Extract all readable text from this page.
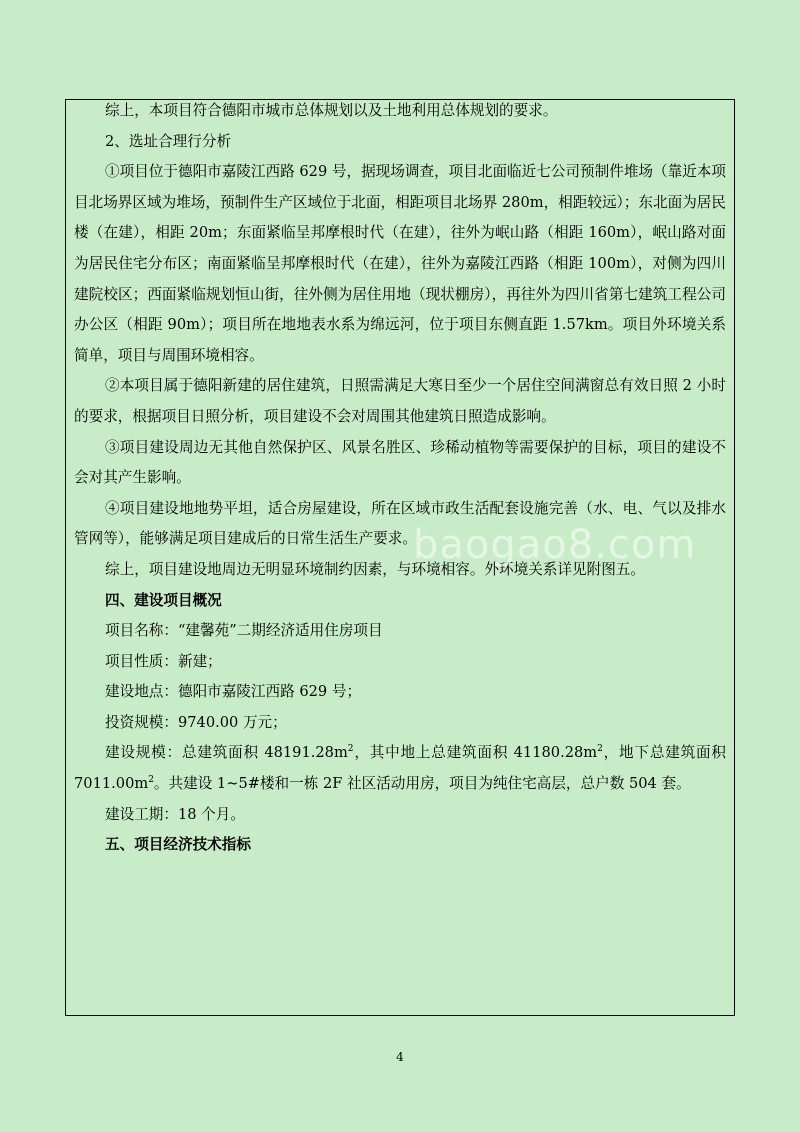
综上，本项目符合德阳市城市总体规划以及土地利用总体规划的要求。

2、选址合理行分析

①项目位于德阳市嘉陵江西路 629 号，据现场调查，项目北面临近七公司预制件堆场（靠近本项目北场界区域为堆场，预制件生产区域位于北面，相距项目北场界 280m，相距较远）；东北面为居民楼（在建），相距 20m；东面紧临呈邦摩根时代（在建），往外为岷山路（相距 160m），岷山路对面为居民住宅分布区；南面紧临呈邦摩根时代（在建），往外为嘉陵江西路（相距 100m），对侧为四川建院校区；西面紧临规划恒山街，往外侧为居住用地（现状棚房），再往外为四川省第七建筑工程公司办公区（相距 90m）；项目所在地地表水系为绵远河，位于项目东侧直距 1.57km。项目外环境关系简单，项目与周围环境相容。

②本项目属于德阳新建的居住建筑，日照需满足大寒日至少一个居住空间满窗总有效日照 2 小时的要求，根据项目日照分析，项目建设不会对周围其他建筑日照造成影响。

③项目建设周边无其他自然保护区、风景名胜区、珍稀动植物等需要保护的目标，项目的建设不会对其产生影响。

④项目建设地地势平坦，适合房屋建设，所在区域市政生活配套设施完善（水、电、气以及排水管网等），能够满足项目建成后的日常生活生产要求。

综上，项目建设地周边无明显环境制约因素，与环境相容。外环境关系详见附图五。

四、建设项目概况

项目名称：“建馨苑”二期经济适用住房项目

项目性质：新建；

建设地点：德阳市嘉陵江西路 629 号；

投资规模：9740.00 万元；

建设规模：总建筑面积 $48191.28m^2$，其中地上总建筑面积 $41180.28m^2$，地下总建筑面积 $7011.00m^2$。共建设 1~5#楼和一栋 2F 社区活动用房，项目为纯住宅高层，总户数 504 套。

建设工期：18 个月。

五、项目经济技术指标

baogao8.com
4
